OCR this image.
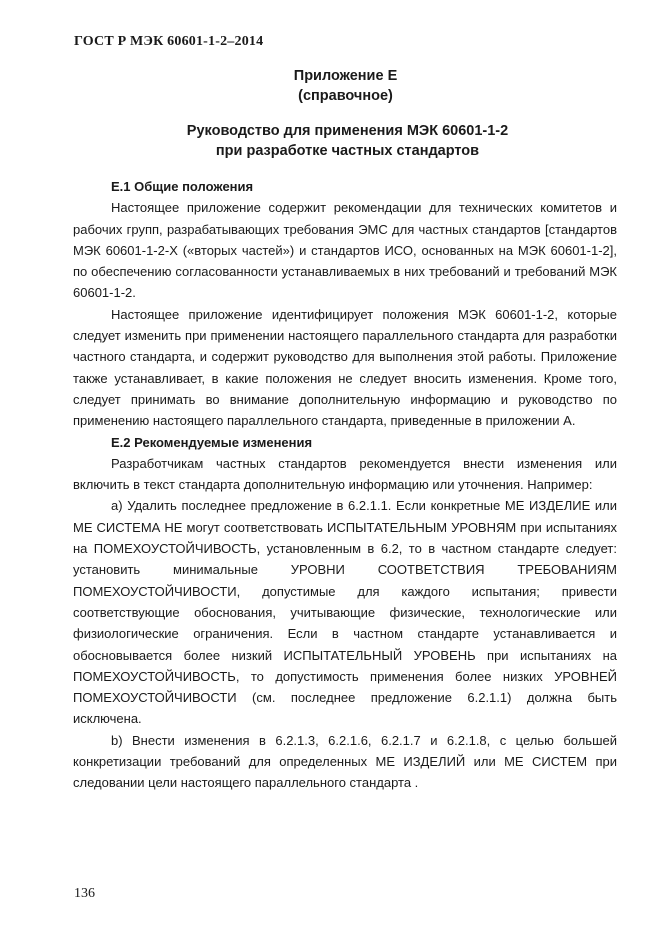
ГОСТ Р МЭК 60601-1-2–2014
Приложение Е
(справочное)
Руководство для применения МЭК 60601-1-2
при разработке частных стандартов
Е.1 Общие положения

Настоящее приложение содержит рекомендации для технических комитетов и рабочих групп, разрабатывающих требования ЭМС для частных стандартов [стандартов МЭК 60601-1-2-Х («вторых частей») и стандартов ИСО, основанных на МЭК 60601-1-2], по обеспечению согласованности устанавливаемых в них требований и требований МЭК 60601-1-2.

Настоящее приложение идентифицирует положения МЭК 60601-1-2, которые следует изменить при применении настоящего параллельного стандарта для разработки частного стандарта, и содержит руководство для выполнения этой работы. Приложение также устанавливает, в какие положения не следует вносить изменения. Кроме того, следует принимать во внимание дополнительную информацию и руководство по применению настоящего параллельного стандарта, приведенные в приложении А.

Е.2 Рекомендуемые изменения

Разработчикам частных стандартов рекомендуется внести изменения или включить в текст стандарта дополнительную информацию или уточнения. Например:

а) Удалить последнее предложение в 6.2.1.1. Если конкретные МЕ ИЗДЕЛИЕ или МЕ СИСТЕМА НЕ могут соответствовать ИСПЫТАТЕЛЬНЫМ УРОВНЯМ при испытаниях на ПОМЕХОУСТОЙЧИВОСТЬ, установленным в 6.2, то в частном стандарте следует: установить минимальные УРОВНИ СООТВЕТСТВИЯ ТРЕБОВАНИЯМ ПОМЕХОУСТОЙЧИВОСТИ, допустимые для каждого испытания; привести соответствующие обоснования, учитывающие физические, технологические или физиологические ограничения. Если в частном стандарте устанавливается и обосновывается более низкий ИСПЫТАТЕЛЬНЫЙ УРОВЕНЬ при испытаниях на ПОМЕХОУСТОЙЧИВОСТЬ, то допустимость применения более низких УРОВНЕЙ ПОМЕХОУСТОЙЧИВОСТИ (см. последнее предложение 6.2.1.1) должна быть исключена.

b) Внести изменения в 6.2.1.3, 6.2.1.6, 6.2.1.7 и 6.2.1.8, с целью большей конкретизации требований для определенных МЕ ИЗДЕЛИЙ или МЕ СИСТЕМ при следовании цели настоящего параллельного стандарта .

136
